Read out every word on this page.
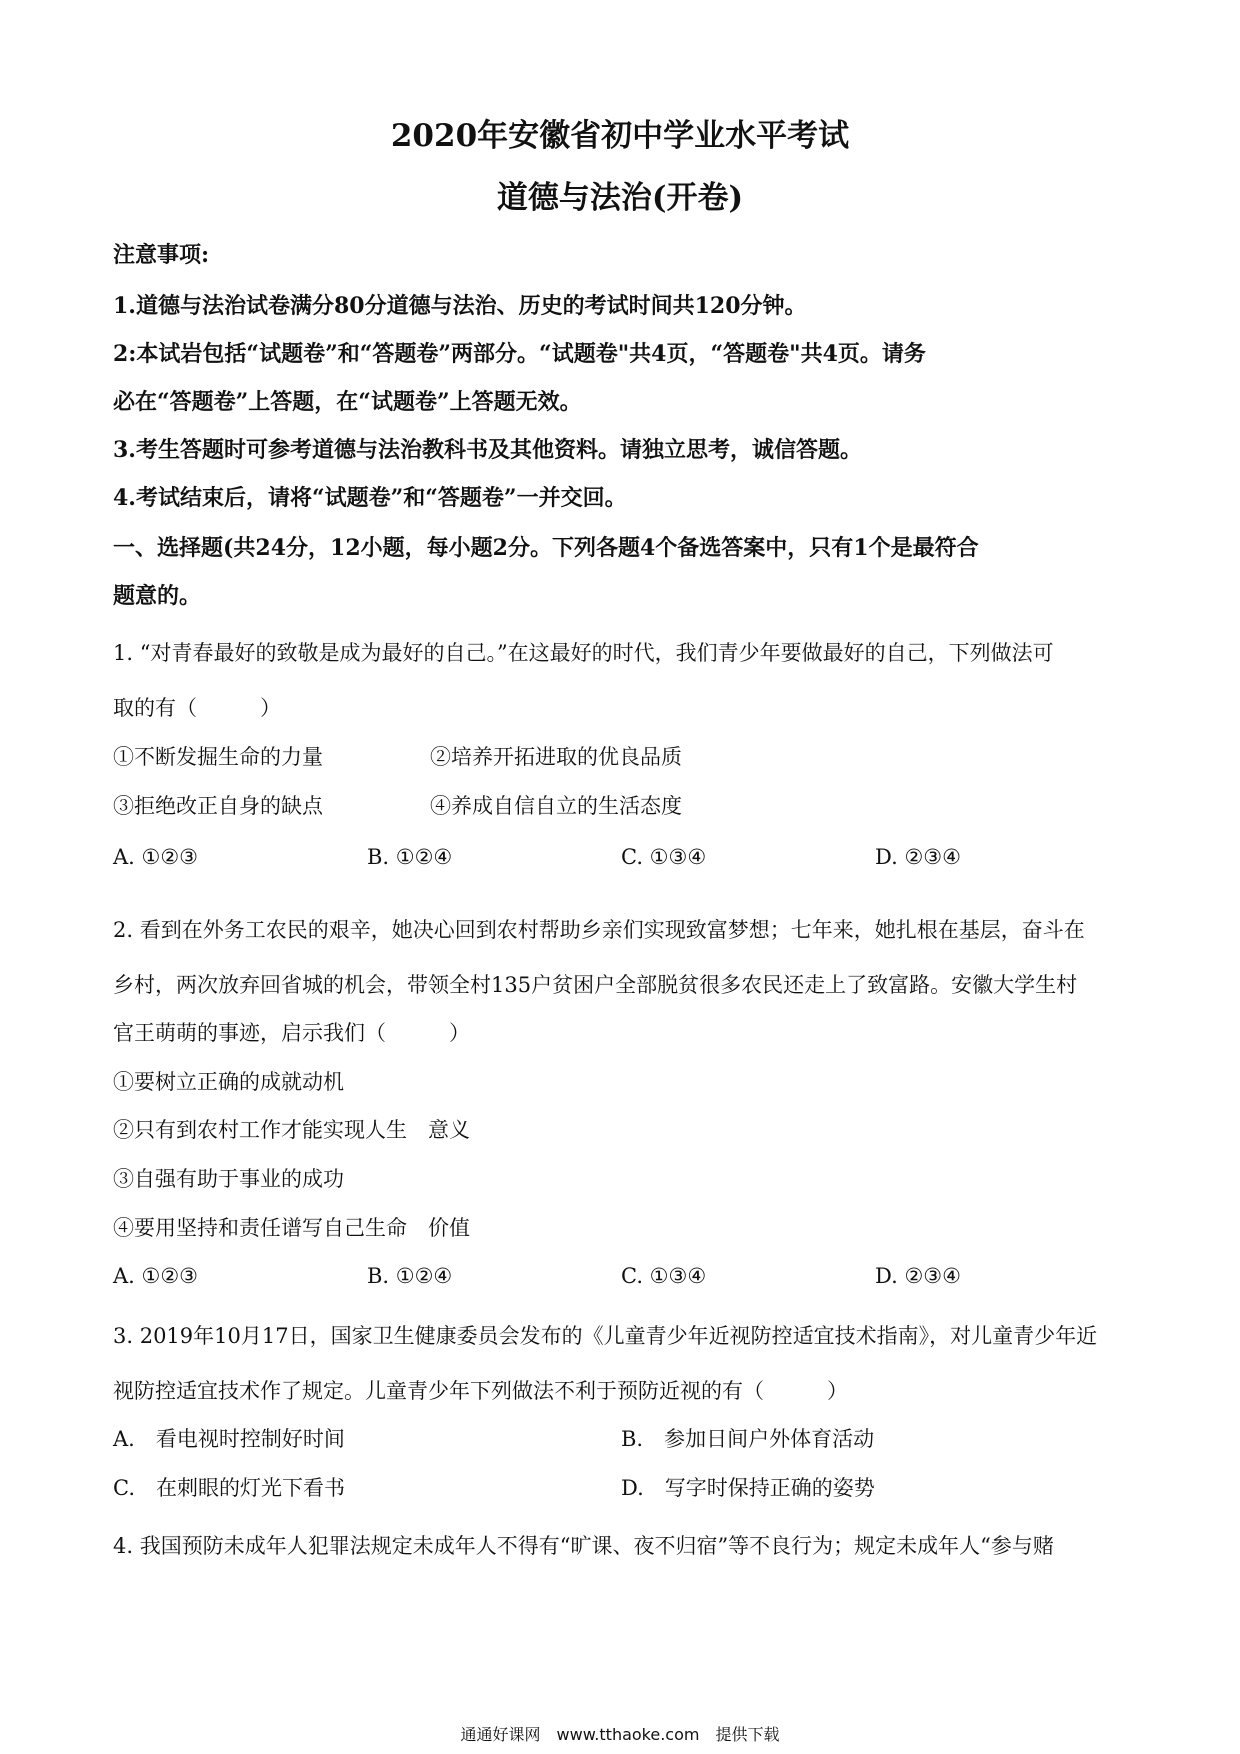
2020年安徽省初中学业水平考试
道德与法治(开卷)
注意事项:
1.道德与法治试卷满分80分道德与法治、历史的考试时间共120分钟。
2:本试岩包括“试题卷”和“答题卷”两部分。“试题卷"共4页，“答题卷"共4页。请务
必在“答题卷”上答题，在“试题卷”上答题无效。
3.考生答题时可参考道德与法治教科书及其他资料。请独立思考，诚信答题。
4.考试结束后，请将“试题卷”和“答题卷”一并交回。
一、选择题(共24分，12小题，每小题2分。下列各题4个备选答案中，只有1个是最符合
题意的。
1. “对青春最好的致敬是成为最好的自己。”在这最好的时代，我们青少年要做最好的自己，下列做法可
取的有（　　　）
①不断发掘生命的力量	②培养开拓进取的优良品质
③拒绝改正自身的缺点	④养成自信自立的生活态度
A. ①②③	B. ①②④	C. ①③④	D. ②③④
2. 看到在外务工农民的艰辛，她决心回到农村帮助乡亲们实现致富梦想；七年来，她扎根在基层，奋斗在
乡村，两次放弃回省城的机会，带领全村135户贫困户全部脱贫很多农民还走上了致富路。安徽大学生村
官王萌萌的事迹，启示我们（　　　）
①要树立正确的成就动机
②只有到农村工作才能实现人生　意义
③自强有助于事业的成功
④要用坚持和责任谱写自己生命　价值
A. ①②③	B. ①②④	C. ①③④	D. ②③④
3. 2019年10月17日，国家卫生健康委员会发布的《儿童青少年近视防控适宜技术指南》，对儿童青少年近
视防控适宜技术作了规定。儿童青少年下列做法不利于预防近视的有（　　　）
A.　看电视时控制好时间	B.　参加日间户外体育活动
C.　在刺眼的灯光下看书	D.　写字时保持正确的姿势
4. 我国预防未成年人犯罪法规定未成年人不得有“旷课、夜不归宿”等不良行为；规定未成年人“参与赌
通通好课网　www.tthaoke.com　提供下载
